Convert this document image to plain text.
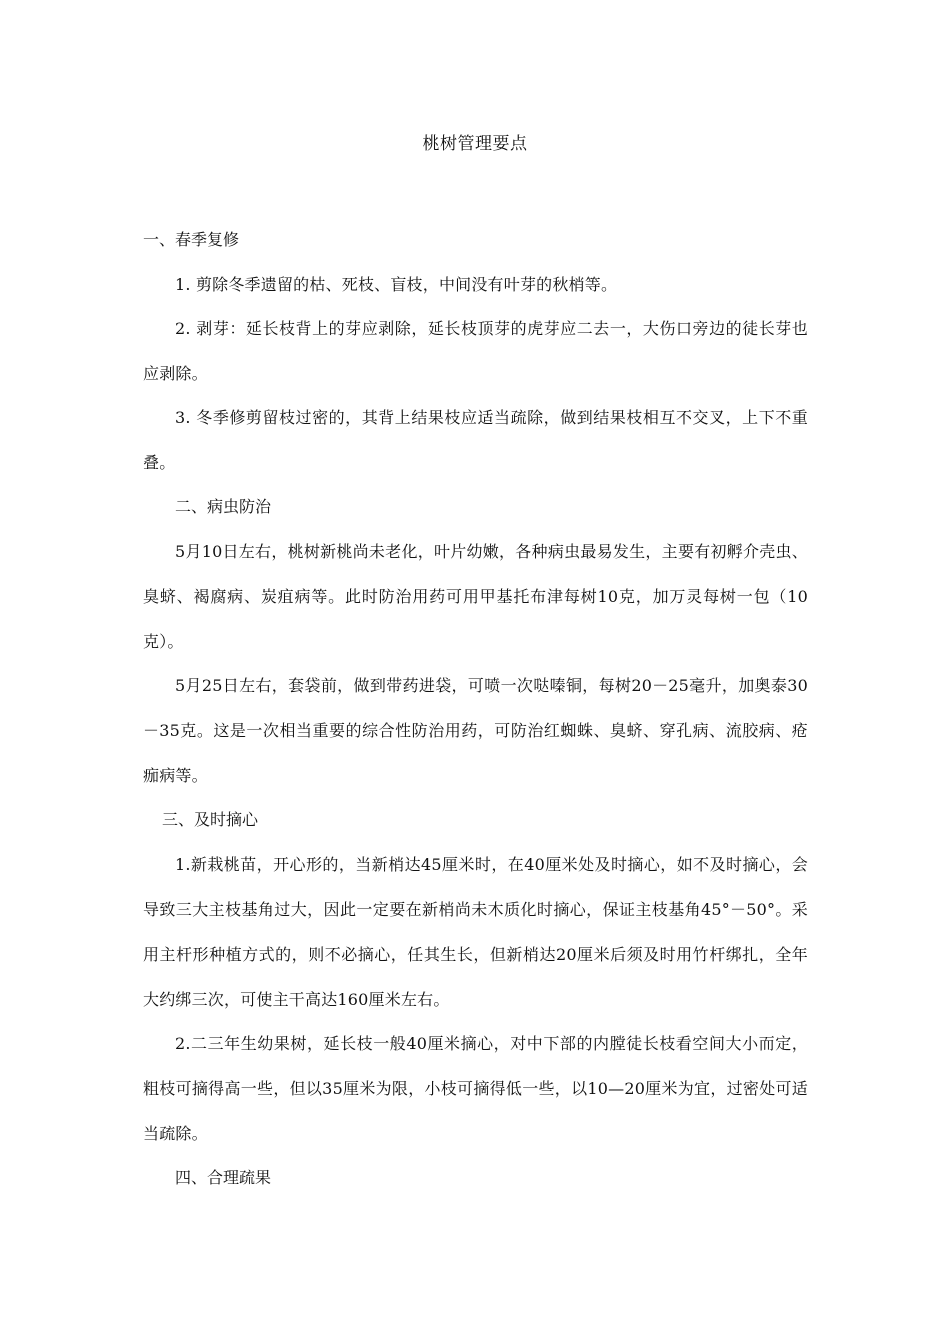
桃树管理要点
一、春季复修
1. 剪除冬季遗留的枯、死枝、盲枝，中间没有叶芽的秋梢等。
2. 剥芽：延长枝背上的芽应剥除，延长枝顶芽的虎芽应二去一，大伤口旁边的徒长芽也应剥除。
3. 冬季修剪留枝过密的，其背上结果枝应适当疏除，做到结果枝相互不交叉，上下不重叠。
二、病虫防治
5月10日左右，桃树新桃尚未老化，叶片幼嫩，各种病虫最易发生，主要有初孵介壳虫、臭蛴、褐腐病、炭疽病等。此时防治用药可用甲基托布津每树10克，加万灵每树一包（10克）。
5月25日左右，套袋前，做到带药进袋，可喷一次哒嗪铜，每树20－25毫升，加奥泰30－35克。这是一次相当重要的综合性防治用药，可防治红蜘蛛、臭蛴、穿孔病、流胶病、疮痂病等。
三、及时摘心
1.新栽桃苗，开心形的，当新梢达45厘米时，在40厘米处及时摘心，如不及时摘心，会导致三大主枝基角过大，因此一定要在新梢尚未木质化时摘心，保证主枝基角45°－50°。采用主杆形种植方式的，则不必摘心，任其生长，但新梢达20厘米后须及时用竹杆绑扎，全年大约绑三次，可使主干高达160厘米左右。
2.二三年生幼果树，延长枝一般40厘米摘心，对中下部的内膛徒长枝看空间大小而定，粗枝可摘得高一些，但以35厘米为限，小枝可摘得低一些，以10—20厘米为宜，过密处可适当疏除。
四、合理疏果
